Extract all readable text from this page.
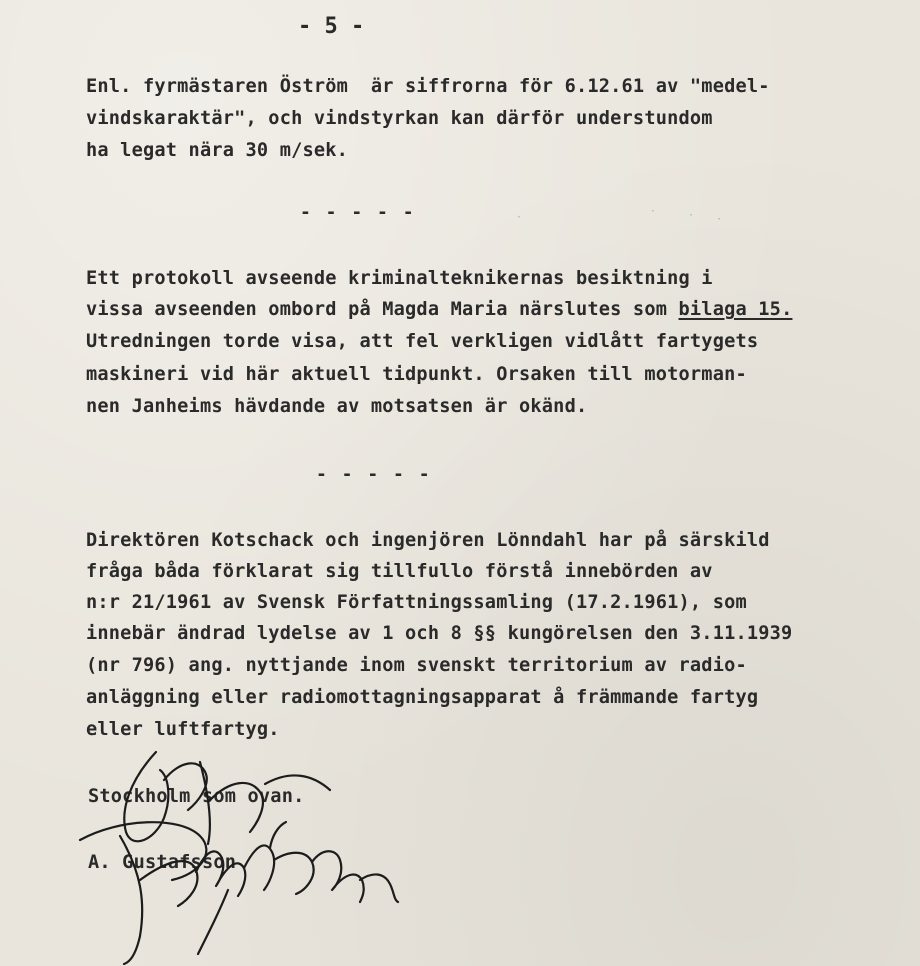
- 5 -

Enl. fyrmästaren Öström  är siffrorna för 6.12.61 av "medel-

vindskaraktär", och vindstyrkan kan därför understundom

ha legat nära 30 m/sek.

- - - - -

Ett protokoll avseende kriminalteknikernas besiktning i

vissa avseenden ombord på Magda Maria närslutes som bilaga 15.

Utredningen torde visa, att fel verkligen vidlått fartygets

maskineri vid här aktuell tidpunkt. Orsaken till motorman-

nen Janheims hävdande av motsatsen är okänd.

- - - - -

Direktören Kotschack och ingenjören Lönndahl har på särskild

fråga båda förklarat sig tillfullo förstå innebörden av

n:r 21/1961 av Svensk Författningssamling (17.2.1961), som

innebär ändrad lydelse av 1 och 8 §§ kungörelsen den 3.11.1939

(nr 796) ang. nyttjande inom svenskt territorium av radio-

anläggning eller radiomottagningsapparat å främmande fartyg

eller luftfartyg.

Stockholm som ovan.

A. Gustafsson

·
·	· ·
